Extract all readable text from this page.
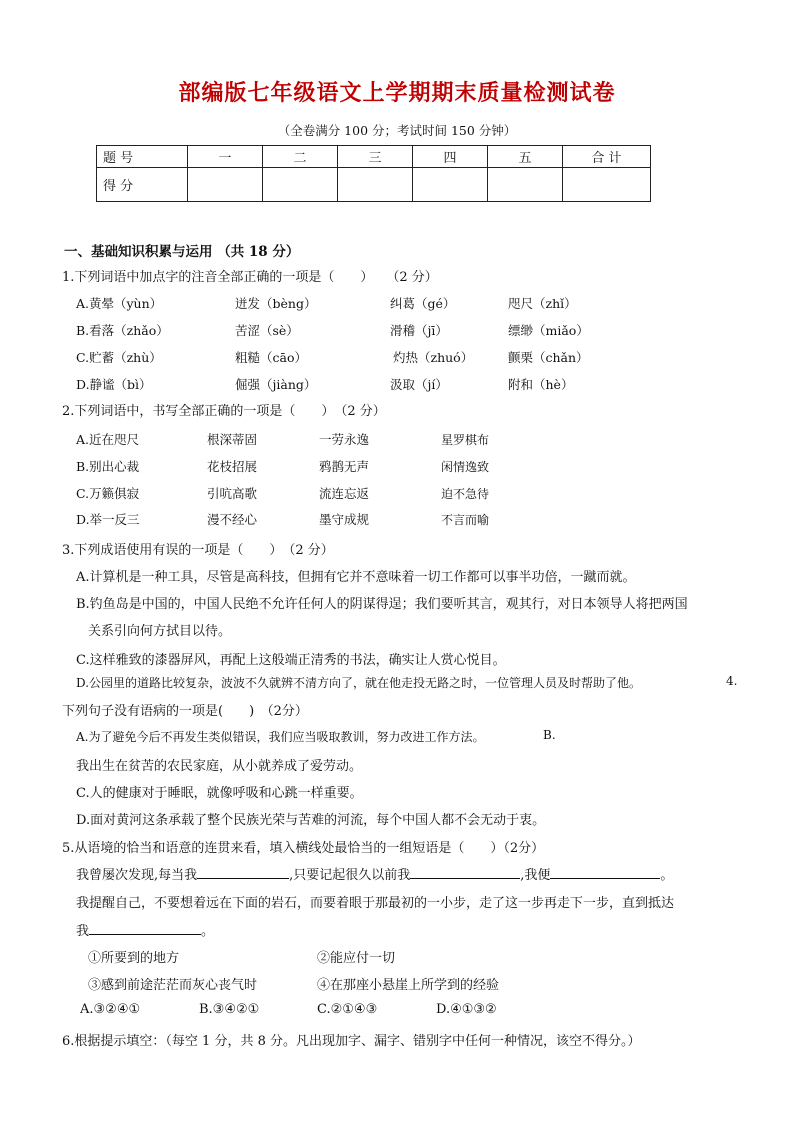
部编版七年级语文上学期期末质量检测试卷
（全卷满分 100 分；考试时间 150 分钟）
题 号	一	二	三	四	五	合 计
得 分						
一、基础知识积累与运用 （共 18 分）
1.下列词语中加点字的注音全部正确的一项是（　　）　　（2 分）
A.黄晕（yùn）	迸发（bèng）	纠葛（gé）	咫尺（zhǐ）
B.看落（zhǎo）	苦涩（sè）	滑稽（jī）	缥缈（miǎo）
C.贮蓄（zhù）	粗糙（cāo）	灼热（zhuó）	颤栗（chǎn）
D.静谧（bì）	倔强（jiàng）	汲取（jí）	附和（hè）
2.下列词语中，书写全部正确的一项是（　　）　（2 分）
A.近在咫尺	根深蒂固	一劳永逸	星罗棋布
B.别出心裁	花枝招展	鸦鹊无声	闲情逸致
C.万籁俱寂	引吭高歌	流连忘返	迫不急待
D.举一反三	漫不经心	墨守成规	不言而喻
3.下列成语使用有误的一项是（　　）　（2 分）
A.计算机是一种工具，尽管是高科技，但拥有它并不意味着一切工作都可以事半功倍，一蹴而就。
B.钓鱼岛是中国的，中国人民绝不允许任何人的阴谋得逞；我们要听其言，观其行，对日本领导人将把两国
关系引向何方拭目以待。
C.这样雅致的漆器屏风，再配上这般端正清秀的书法，确实让人赏心悦目。
D.公园里的道路比较复杂，波波不久就辨不清方向了，就在他走投无路之时，一位管理人员及时帮助了他。	4.
下列句子没有语病的一项是(　　)　（2分）
A.为了避免今后不再发生类似错误，我们应当吸取教训，努力改进工作方法。	B.
我出生在贫苦的农民家庭，从小就养成了爱劳动。
C.人的健康对于睡眠，就像呼吸和心跳一样重要。
D.面对黄河这条承载了整个民族光荣与苦难的河流，每个中国人都不会无动于衷。
5.从语境的恰当和语意的连贯来看，填入横线处最恰当的一组短语是（　　）（2分）
我曾屡次发现,每当我	,只要记起很久以前我	,我便	。
我提醒自己，不要想着远在下面的岩石，而要着眼于那最初的一小步，走了这一步再走下一步，直到抵达
我	。
①所要到的地方	②能应付一切
③感到前途茫茫而灰心丧气时	④在那座小悬崖上所学到的经验
A.③②④①	B.③④②①	C.②①④③	D.④①③②
6.根据提示填空：（每空 1 分，共 8 分。凡出现加字、漏字、错别字中任何一种情况，该空不得分。）
